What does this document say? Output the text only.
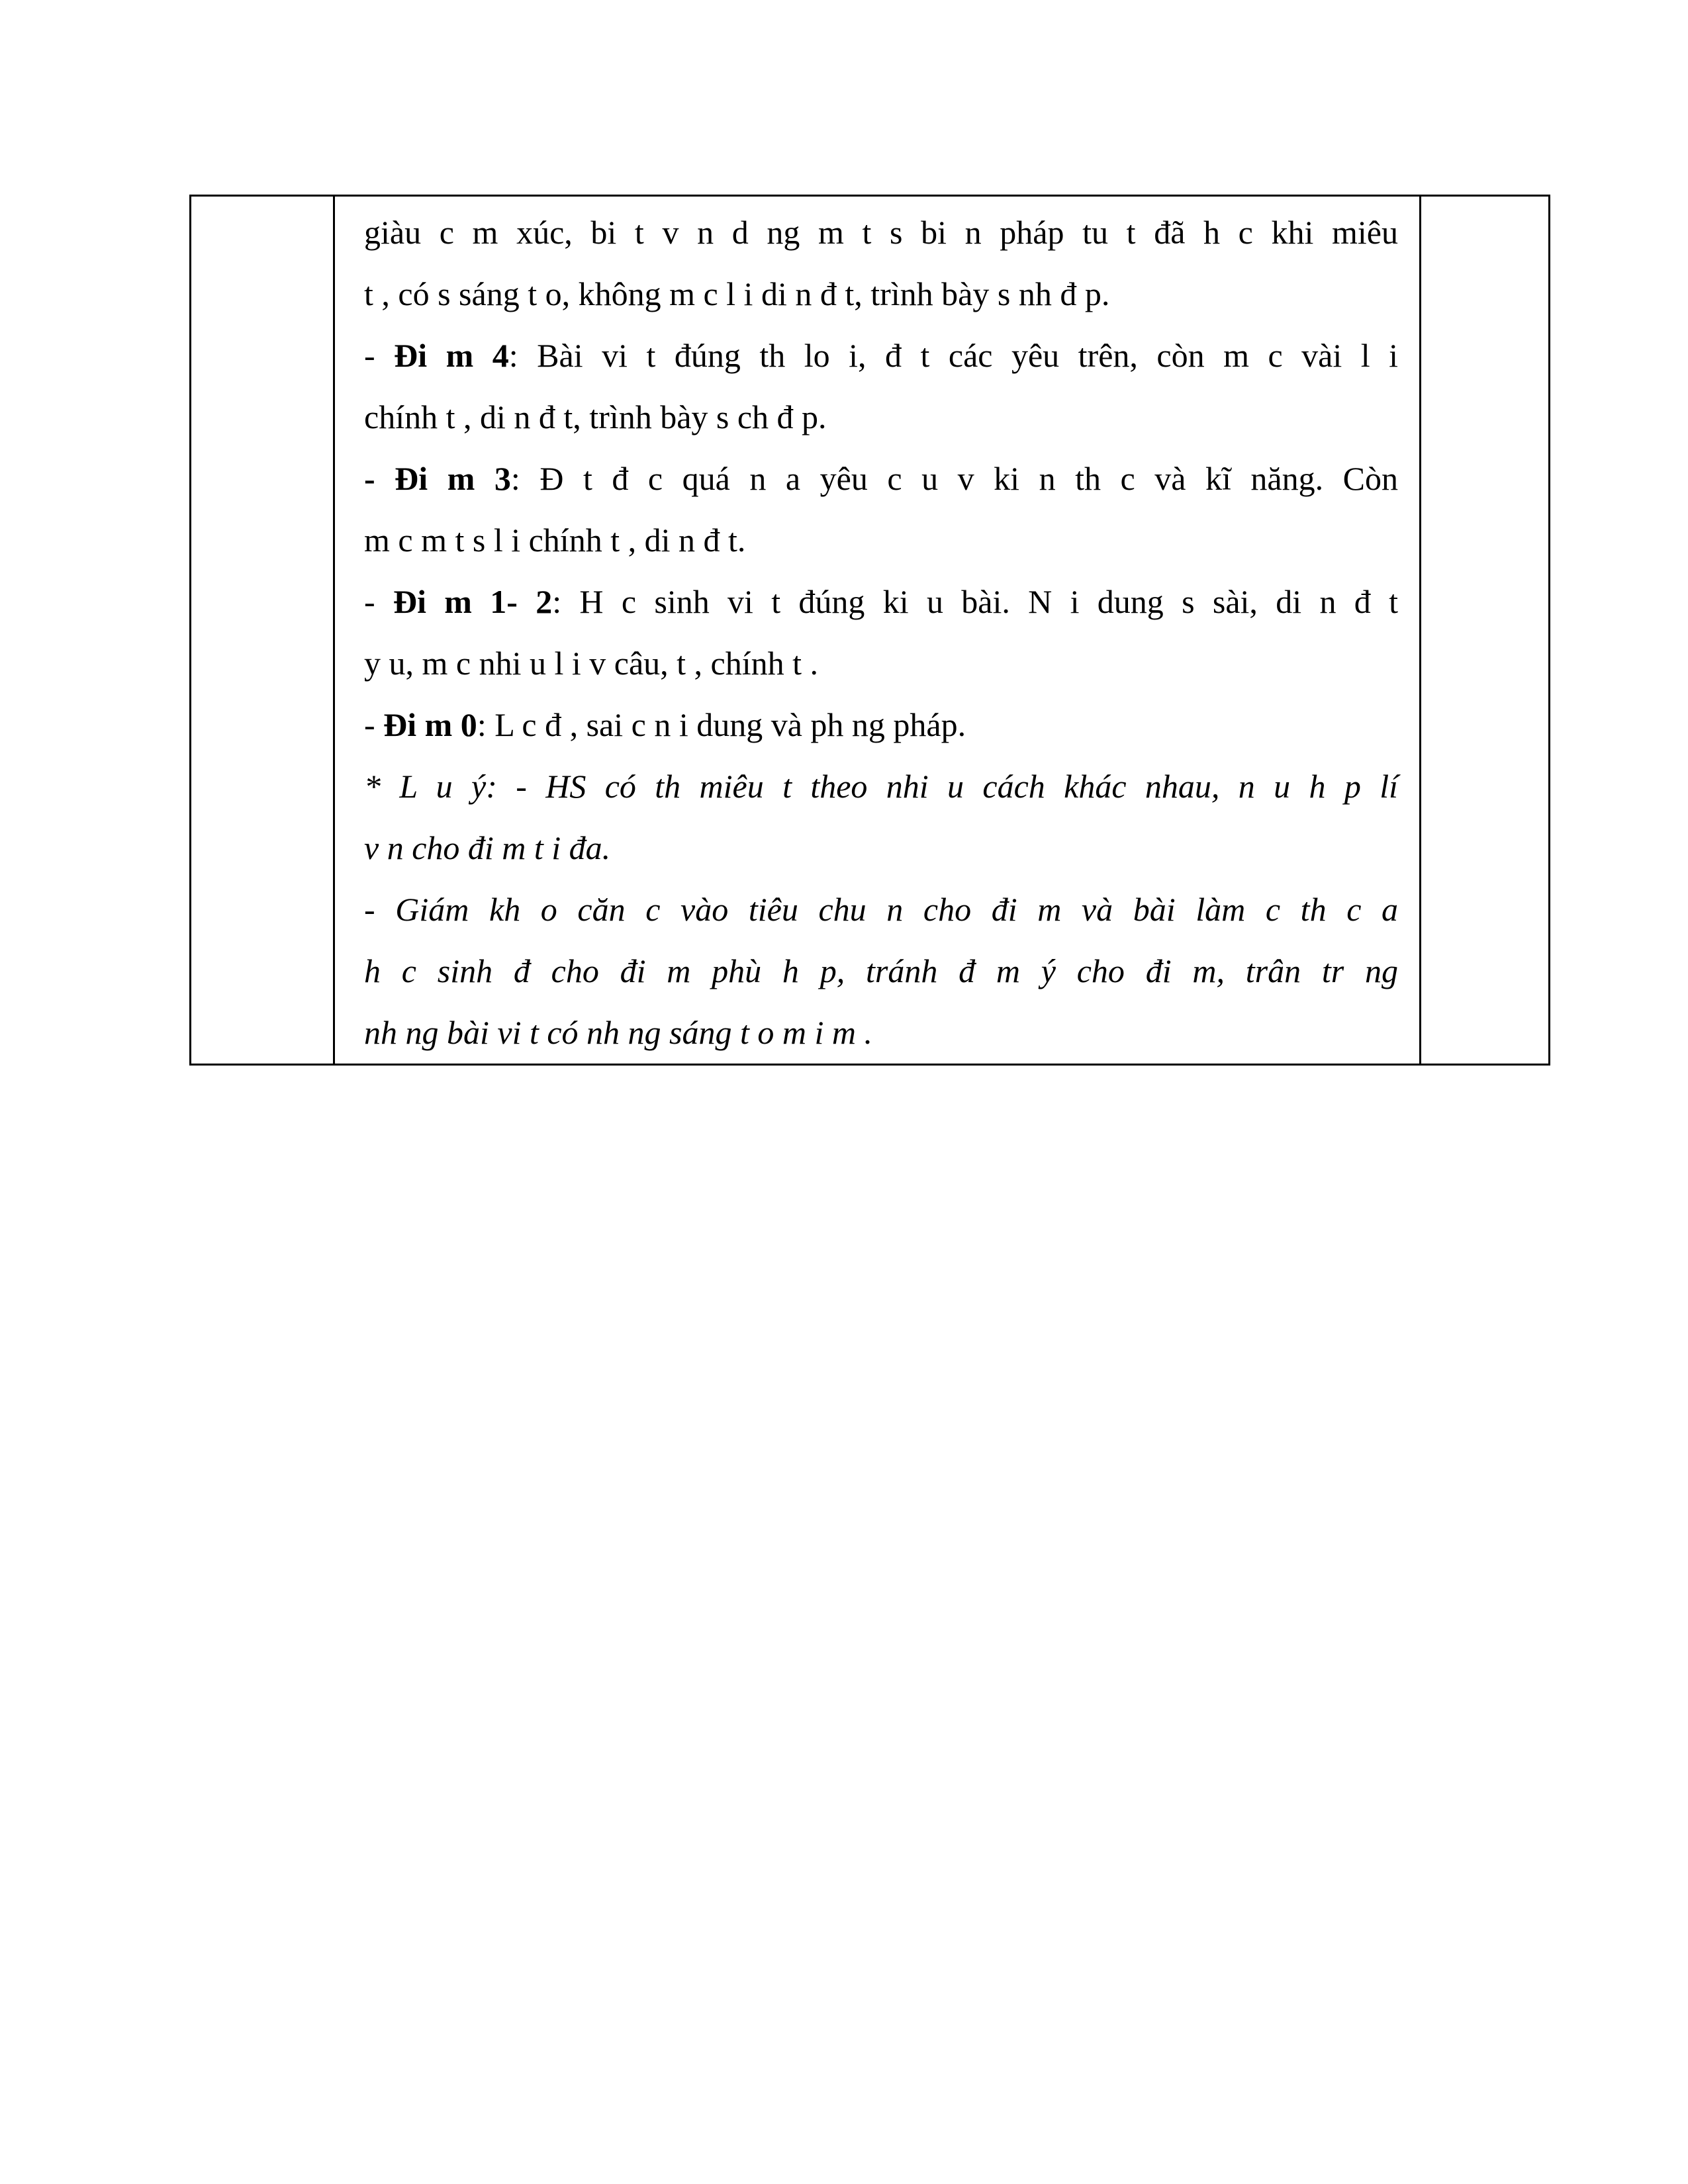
giàu c m xúc, bi t v n d ng m t s bi n pháp tu t đã h c khi miêu
t , có s sáng t o, không m c l i di n đ t, trình bày s nh đ p.
- Đi m 4: Bài vi t đúng th lo i, đ t các yêu trên, còn m c vài l i
chính t , di n đ t, trình bày s ch đ p.
- Đi m 3: Đ t đ c quá n a yêu c u v ki n th c và kĩ năng. Còn
m c m t s l i chính t , di n đ t.
- Đi m 1- 2: H c sinh vi t đúng ki u bài. N i dung s sài, di n đ t
y u, m c nhi u l i v câu, t , chính t .
- Đi m 0: L c đ , sai c n i dung và ph ng pháp.
* L u ý: - HS có th miêu t theo nhi u cách khác nhau, n u h p lí
v n cho đi m t i đa.
- Giám kh o căn c vào tiêu chu n cho đi m và bài làm c th c a
h c sinh đ cho đi m phù h p, tránh đ m ý cho đi m, trân tr ng
nh ng bài vi t có nh ng sáng t o m i m .
